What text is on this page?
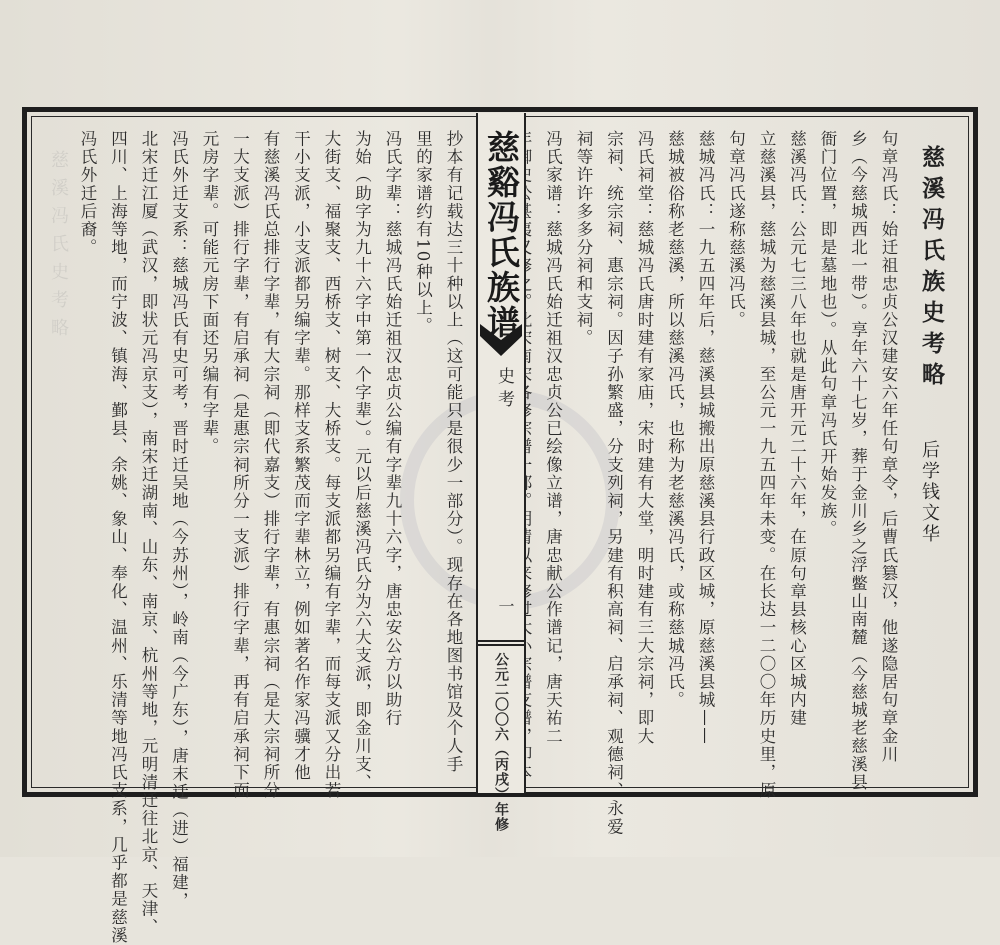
慈溪冯氏史考略	慈溪冯氏族史考略
后学钱文华
句章冯氏：始迁祖忠贞公汉建安六年任句章令，后曹氏篡汉，他遂隐居句章金川
乡（今慈城西北一带）。享年六十七岁，葬于金川乡之浮鳖山南麓（今慈城老慈溪县
衙门位置，即是墓地也）。从此句章冯氏开始发族。
慈溪冯氏：公元七三八年也就是唐开元二十六年，在原句章县核心区城内建
立慈溪县，慈城为慈溪县城，至公元一九五四年未变。在长达一二〇〇年历史里，原
句章冯氏遂称慈溪冯氏。
慈城冯氏：一九五四年后，慈溪县城搬出原慈溪县行政区城，原慈溪县城——
慈城被俗称老慈溪，所以慈溪冯氏，也称为老慈溪冯氏，或称慈城冯氏。
冯氏祠堂：慈城冯氏唐时建有家庙，宋时建有大堂，明时建有三大宗祠，即大
宗祠、统宗祠、惠宗祠。因子孙繁盛，分支列祠，另建有积高祠、启承祠、观德祠、永爱
祠等许许多多分祠和支祠。
冯氏家谱：慈城冯氏始迁祖汉忠贞公已绘像立谱，唐忠献公作谱记，唐天祐二
抄本有记载达三十种以上（这可能只是很少一部分）。现存在各地图书馆及个人手
里的家谱约有10种以上。
冯氏字辈：慈城冯氏始迁祖汉忠贞公编有字辈九十六字，唐忠安公方以助行
为始（助字为九十六字中第一个字辈）。元以后慈溪冯氏分为六大支派，即金川支、
大街支、福聚支、西桥支、树支、大桥支。每支派都另编有字辈，而每支派又分出若
干小支派，小支派都另编字辈。那样支系繁茂而字辈林立，例如著名作家冯骥才他
有慈溪冯氏总排行字辈，有大宗祠（即代嘉支）排行字辈，有惠宗祠（是大宗祠所分
一大支派）排行字辈，有启承祠（是惠宗祠所分一支派）排行字辈，再有启承祠下面
元房字辈。可能元房下面还另编有字辈。
冯氏外迁支系：慈城冯氏有史可考，晋时迁吴地（今苏州），岭南（今广东），唐末迁（进）福建，
北宋迁江厦（武汉，即状元冯京支），南宋迁湖南、山东、南京、杭州等地，元明清迁往北京、天津、
四川、上海等地，而宁波、镇海、鄞县、余姚、象山、奉化、温州、乐清等地冯氏支系，几乎都是慈溪
冯氏外迁后裔。	慈谿冯氏族谱
史考
一
公元二〇〇六（丙戌）年修
